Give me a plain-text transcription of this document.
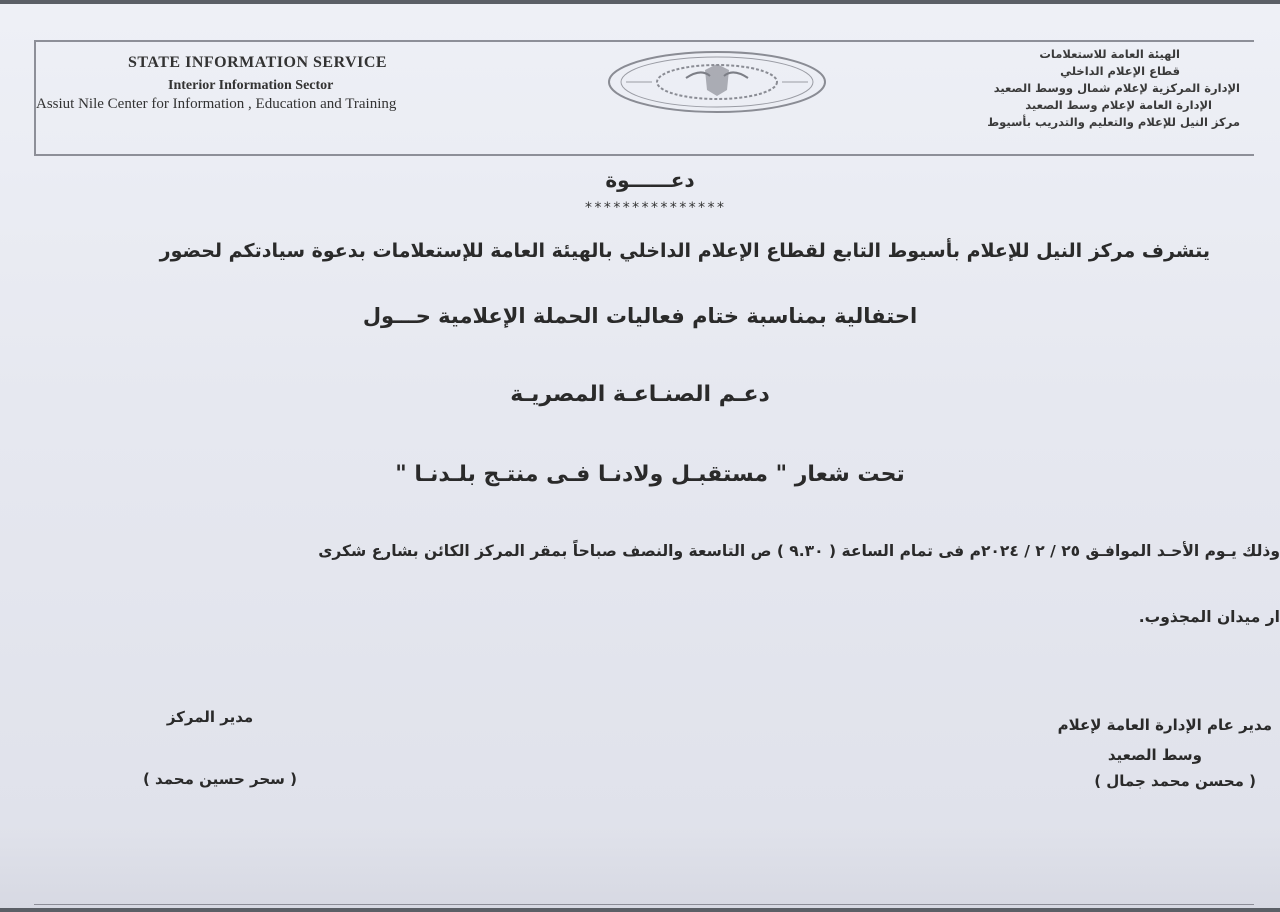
STATE INFORMATION SERVICE
Interior Information Sector
Assiut Nile Center for Information , Education and Training
الهيئة العامة للاستعلامات
قطاع الإعلام الداخلي
الإدارة المركزية لإعلام شمال ووسط الصعيد
الإدارة العامة لإعلام وسط الصعيد
مركز النيل للإعلام والتعليم والتدريب بأسيوط
دعــــــوة
***************
يتشرف مركز النيل للإعلام بأسيوط التابع لقطاع الإعلام الداخلي بالهيئة العامة للإستعلامات بدعوة سيادتكم لحضور
احتفالية بمناسبة ختام فعاليات الحملة الإعلامية حـــول
دعـم الصنـاعـة المصريـة
تحت شعار " مستقبـل ولادنـا فـى منتـج بلـدنـا "
وذلك يـوم الأحـد الموافـق ٢٥ / ٢ / ٢٠٢٤م فى تمام الساعة ( ٩.٣٠ ) ص التاسعة والنصف صباحاً بمقر المركز الكائن بشارع شكرى
ار ميدان المجذوب.
مدير المركز
( سحر حسين محمد )
مدير عام الإدارة العامة لإعلام
وسط الصعيد
( محسن محمد جمال )
